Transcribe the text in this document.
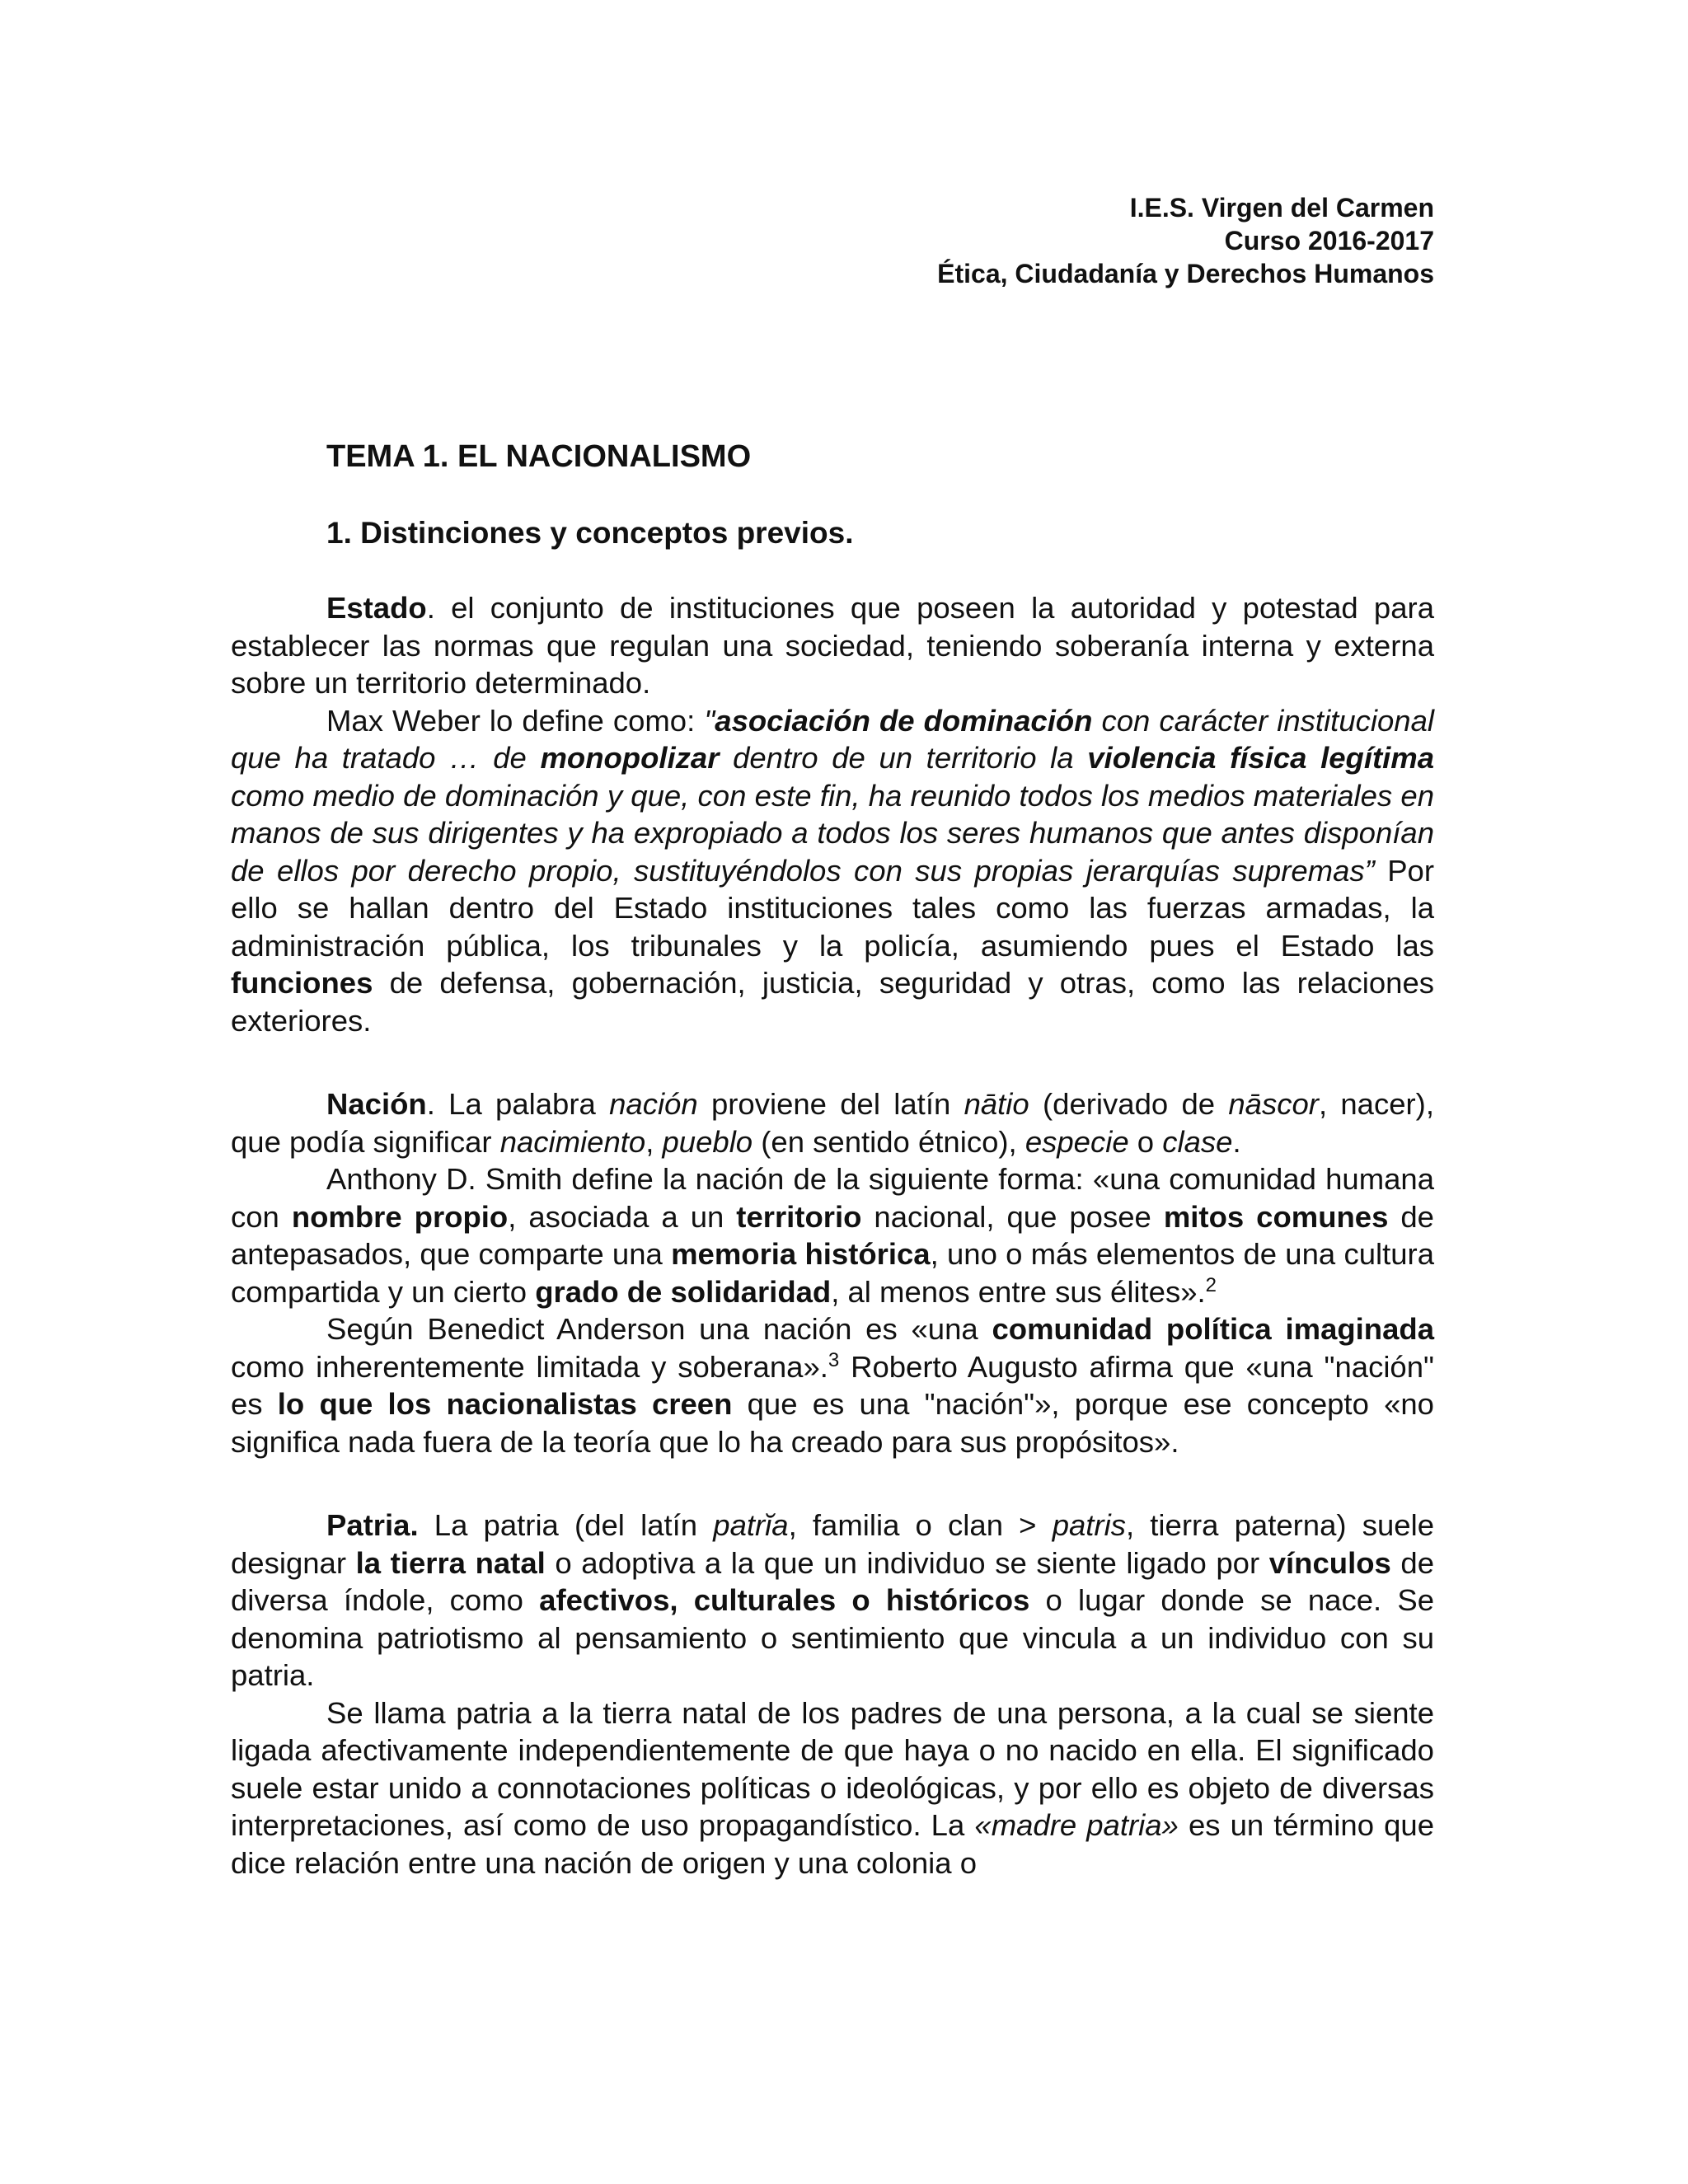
I.E.S. Virgen del Carmen
Curso 2016-2017
Ética, Ciudadanía y Derechos Humanos
TEMA 1. EL NACIONALISMO
1. Distinciones y conceptos previos.

Estado. el conjunto de instituciones que poseen la autoridad y potestad para establecer las normas que regulan una sociedad, teniendo soberanía interna y externa sobre un territorio determinado.

Max Weber lo define como: "asociación de dominación con carácter institucional que ha tratado … de monopolizar dentro de un territorio la violencia física legítima como medio de dominación y que, con este fin, ha reunido todos los medios materiales en manos de sus dirigentes y ha expropiado a todos los seres humanos que antes disponían de ellos por derecho propio, sustituyéndolos con sus propias jerarquías supremas” Por ello se hallan dentro del Estado instituciones tales como las fuerzas armadas, la administración pública, los tribunales y la policía, asumiendo pues el Estado las funciones de defensa, gobernación, justicia, seguridad y otras, como las relaciones exteriores.

Nación. La palabra nación proviene del latín nātio (derivado de nāscor, nacer), que podía significar nacimiento, pueblo (en sentido étnico), especie o clase.

Anthony D. Smith define la nación de la siguiente forma: «una comunidad humana con nombre propio, asociada a un territorio nacional, que posee mitos comunes de antepasados, que comparte una memoria histórica, uno o más elementos de una cultura compartida y un cierto grado de solidaridad, al menos entre sus élites».$^2$

Según Benedict Anderson una nación es «una comunidad política imaginada como inherentemente limitada y soberana».$^3$ Roberto Augusto afirma que «una "nación" es lo que los nacionalistas creen que es una "nación"», porque ese concepto «no significa nada fuera de la teoría que lo ha creado para sus propósitos».

Patria. La patria (del latín patrĭa, familia o clan > patris, tierra paterna) suele designar la tierra natal o adoptiva a la que un individuo se siente ligado por vínculos de diversa índole, como afectivos, culturales o históricos o lugar donde se nace. Se denomina patriotismo al pensamiento o sentimiento que vincula a un individuo con su patria.

Se llama patria a la tierra natal de los padres de una persona, a la cual se siente ligada afectivamente independientemente de que haya o no nacido en ella. El significado suele estar unido a connotaciones políticas o ideológicas, y por ello es objeto de diversas interpretaciones, así como de uso propagandístico. La «madre patria» es un término que dice relación entre una nación de origen y una colonia o
